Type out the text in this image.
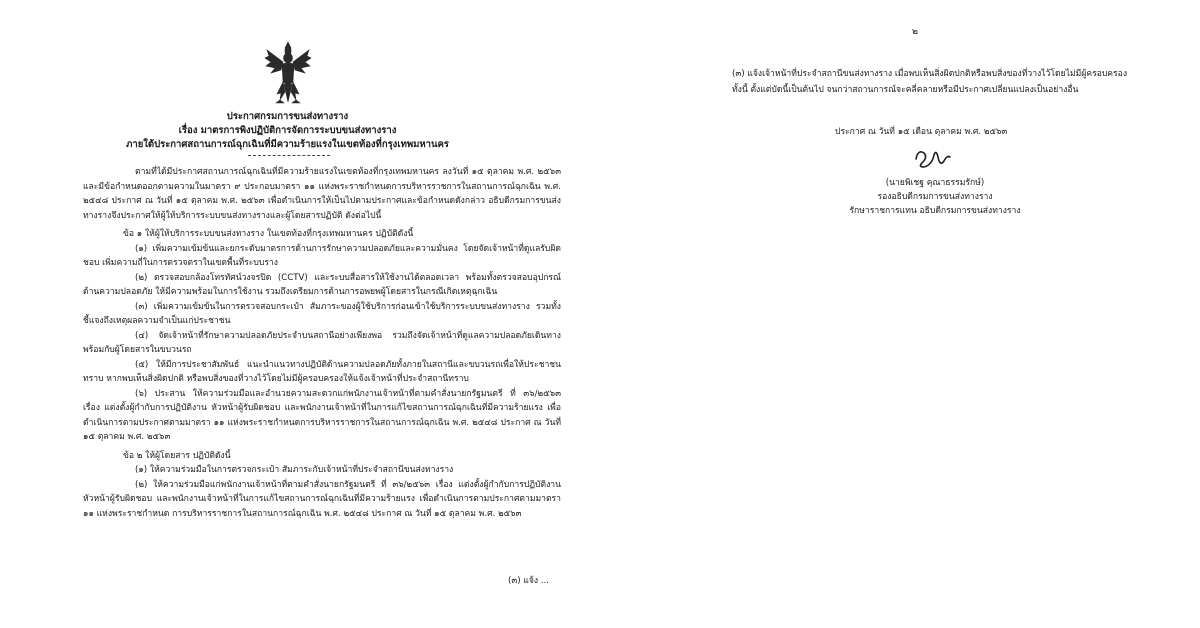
ประกาศกรมการขนส่งทางราง
เรื่อง มาตรการพิงปฏิบัติการจัดการระบบขนส่งทางราง
ภายใต้ประกาศสถานการณ์ฉุกเฉินที่มีความร้ายแรงในเขตท้องที่กรุงเทพมหานคร

ตามที่ได้มีประกาศสถานการณ์ฉุกเฉินที่มีความร้ายแรงในเขตท้องที่กรุงเทพมหานคร ลงวันที่ ๑๕ ตุลาคม พ.ศ. ๒๕๖๓ และมีข้อกำหนดออกตามความในมาตรา ๙ ประกอบมาตรา ๑๑ แห่งพระราชกำหนดการบริหารราชการในสถานการณ์ฉุกเฉิน พ.ศ. ๒๕๔๘ ประกาศ ณ วันที่ ๑๕ ตุลาคม พ.ศ. ๒๕๖๓ เพื่อดำเนินการให้เป็นไปตามประกาศและข้อกำหนดดังกล่าว อธิบดีกรมการขนส่งทางรางจึงประกาศให้ผู้ให้บริการระบบขนส่งทางรางและผู้โดยสารปฏิบัติ ดังต่อไปนี้

ข้อ ๑ ให้ผู้ให้บริการระบบขนส่งทางราง ในเขตท้องที่กรุงเทพมหานคร ปฏิบัติดังนี้

(๑) เพิ่มความเข้มข้นและยกระดับมาตรการด้านการรักษาความปลอดภัยและความมั่นคง โดยจัดเจ้าหน้าที่ดูแลรับผิดชอบ เพิ่มความถี่ในการตรวจตราในเขตพื้นที่ระบบราง

(๒) ตรวจสอบกล้องโทรทัศน์วงจรปิด (CCTV) และระบบสื่อสารให้ใช้งานได้ตลอดเวลา พร้อมทั้งตรวจสอบอุปกรณ์ด้านความปลอดภัย ให้มีความพร้อมในการใช้งาน รวมถึงเตรียมการด้านการอพยพผู้โดยสารในกรณีเกิดเหตุฉุกเฉิน

(๓) เพิ่มความเข้มข้นในการตรวจสอบกระเป๋า สัมภาระของผู้ใช้บริการก่อนเข้าใช้บริการระบบขนส่งทางราง รวมทั้งชี้แจงถึงเหตุผลความจำเป็นแก่ประชาชน

(๔) จัดเจ้าหน้าที่รักษาความปลอดภัยประจำบนสถานีอย่างเพียงพอ รวมถึงจัดเจ้าหน้าที่ดูแลความปลอดภัยเดินทางพร้อมกับผู้โดยสารในขบวนรถ

(๕) ให้มีการประชาสัมพันธ์ แนะนำแนวทางปฏิบัติด้านความปลอดภัยทั้งภายในสถานีและขบวนรถเพื่อให้ประชาชนทราบ หากพบเห็นสิ่งผิดปกติ หรือพบสิ่งของที่วางไว้โดยไม่มีผู้ครอบครองให้แจ้งเจ้าหน้าที่ประจำสถานีทราบ

(๖) ประสาน ให้ความร่วมมือและอำนวยความสะดวกแก่พนักงานเจ้าหน้าที่ตามคำสั่งนายกรัฐมนตรี ที่ ๓๖/๒๕๖๓ เรื่อง แต่งตั้งผู้กำกับการปฏิบัติงาน หัวหน้าผู้รับผิดชอบ และพนักงานเจ้าหน้าที่ในการแก้ไขสถานการณ์ฉุกเฉินที่มีความร้ายแรง เพื่อดำเนินการตามประกาศตามมาตรา ๑๑ แห่งพระราชกำหนดการบริหารราชการในสถานการณ์ฉุกเฉิน พ.ศ. ๒๕๔๘ ประกาศ ณ วันที่ ๑๕ ตุลาคม พ.ศ. ๒๕๖๓

ข้อ ๒ ให้ผู้โดยสาร ปฏิบัติดังนี้

(๑) ให้ความร่วมมือในการตรวจกระเป๋า สัมภาระกับเจ้าหน้าที่ประจำสถานีขนส่งทางราง

(๒) ให้ความร่วมมือแก่พนักงานเจ้าหน้าที่ตามคำสั่งนายกรัฐมนตรี ที่ ๓๖/๒๕๖๓ เรื่อง แต่งตั้งผู้กำกับการปฏิบัติงาน หัวหน้าผู้รับผิดชอบ และพนักงานเจ้าหน้าที่ในการแก้ไขสถานการณ์ฉุกเฉินที่มีความร้ายแรง เพื่อดำเนินการตามประกาศตามมาตรา ๑๑ แห่งพระราชกำหนด การบริหารราชการในสถานการณ์ฉุกเฉิน พ.ศ. ๒๕๔๘ ประกาศ ณ วันที่ ๑๕ ตุลาคม พ.ศ. ๒๕๖๓

(๓) แจ้ง ...
๒

(๓) แจ้งเจ้าหน้าที่ประจำสถานีขนส่งทางราง เมื่อพบเห็นสิ่งผิดปกติหรือพบสิ่งของที่วางไว้โดยไม่มีผู้ครอบครอง

ทั้งนี้ ตั้งแต่บัดนี้เป็นต้นไป จนกว่าสถานการณ์จะคลี่คลายหรือมีประกาศเปลี่ยนแปลงเป็นอย่างอื่น

ประกาศ ณ วันที่ ๑๕ เดือน ตุลาคม พ.ศ. ๒๕๖๓
(นายพิเชฐ คุณาธรรมรักษ์)
รองอธิบดีกรมการขนส่งทางราง
รักษาราชการแทน อธิบดีกรมการขนส่งทางราง
